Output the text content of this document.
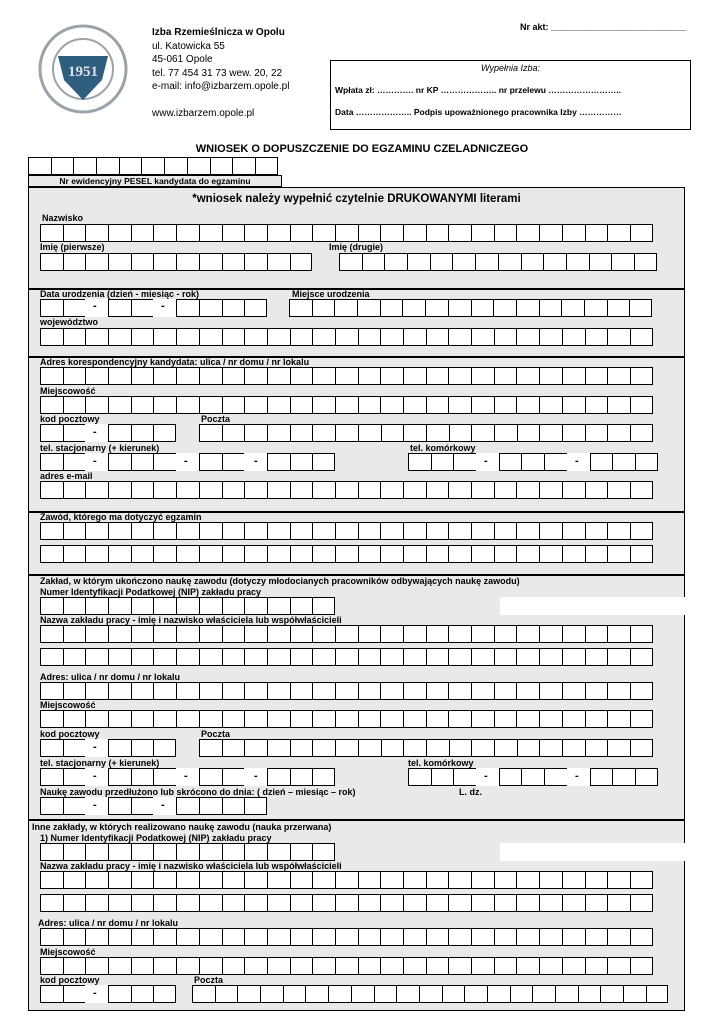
1951
Izba Rzemieślnicza w Opolu
ul. Katowicka 55
45-061 Opole
tel. 77 454 31 73 wew. 20, 22
e-mail: info@izbarzem.opole.pl
www.izbarzem.opole.pl
Nr akt: ___________________________
Wypełnia Izba:
Wpłata zł: …………. nr KP ……………….. nr przelewu ……………………..
Data ……………….. Podpis upoważnionego pracownika Izby ……………
WNIOSEK O DOPUSZCZENIE DO EGZAMINU CZELADNICZEGO
Nr ewidencyjny PESEL kandydata do egzaminu
*wniosek należy wypełnić czytelnie DRUKOWANYMI literami
Nazwisko
Imię (pierwsze)	Imię (drugie)
Data urodzenia (dzień - miesiąc - rok)	Miejsce urodzenia
-	-
województwo
Adres korespondencyjny kandydata: ulica / nr domu / nr lokalu
Miejscowość
kod pocztowy	Poczta
-
tel. stacjonarny (+ kierunek)	tel. komórkowy
-	-	-	-	-
adres e-mail
Zawód, którego ma dotyczyć egzamin
Zakład, w którym ukończono naukę zawodu (dotyczy młodocianych pracowników odbywających naukę zawodu)
Numer Identyfikacji Podatkowej (NIP) zakładu pracy
Nazwa zakładu pracy - imię i nazwisko właściciela lub współwłaścicieli
Adres: ulica / nr domu / nr lokalu
Miejscowość
kod pocztowy	Poczta
-
tel. stacjonarny (+ kierunek)	tel. komórkowy
-	-	-	-	-
Naukę zawodu przedłużono lub skrócono do dnia: ( dzień – miesiąc – rok)	L. dz.
-	-
Inne zakłady, w których realizowano naukę zawodu (nauka przerwana)
1) Numer Identyfikacji Podatkowej (NIP) zakładu pracy
Nazwa zakładu pracy - imię i nazwisko właściciela lub współwłaścicieli
Adres: ulica / nr domu / nr lokalu
Miejscowość
kod pocztowy	Poczta
-
